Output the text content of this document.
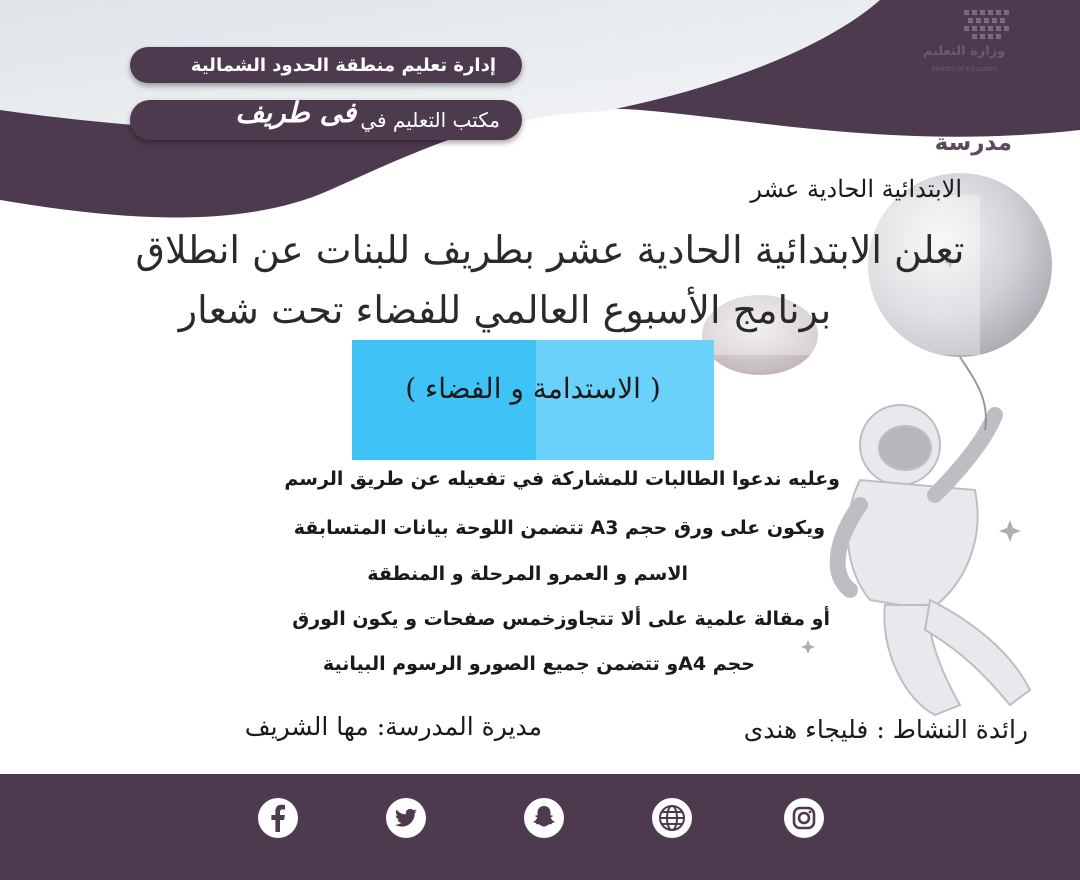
وزارة التعليم
Ministry of Education
إدارة تعليم منطقة الحدود الشمالية
مكتب التعليم في
فى طريف
مدرسة
الابتدائية الحادية عشر
تعلن الابتدائية الحادية عشر بطريف للبنات عن انطلاق
برنامج الأسبوع العالمي للفضاء تحت شعار
( الاستدامة و الفضاء )
وعليه ندعوا الطالبات للمشاركة في تفعيله عن طريق الرسم
ويكون على ورق حجم A3 تتضمن اللوحة بيانات المتسابقة
الاسم و العمرو المرحلة و المنطقة
أو مقالة علمية على ألا تتجاوزخمس صفحات و يكون الورق
حجم A4و تتضمن جميع الصورو الرسوم البيانية
رائدة النشاط : فليجاء هندى
مديرة المدرسة: مها الشريف
